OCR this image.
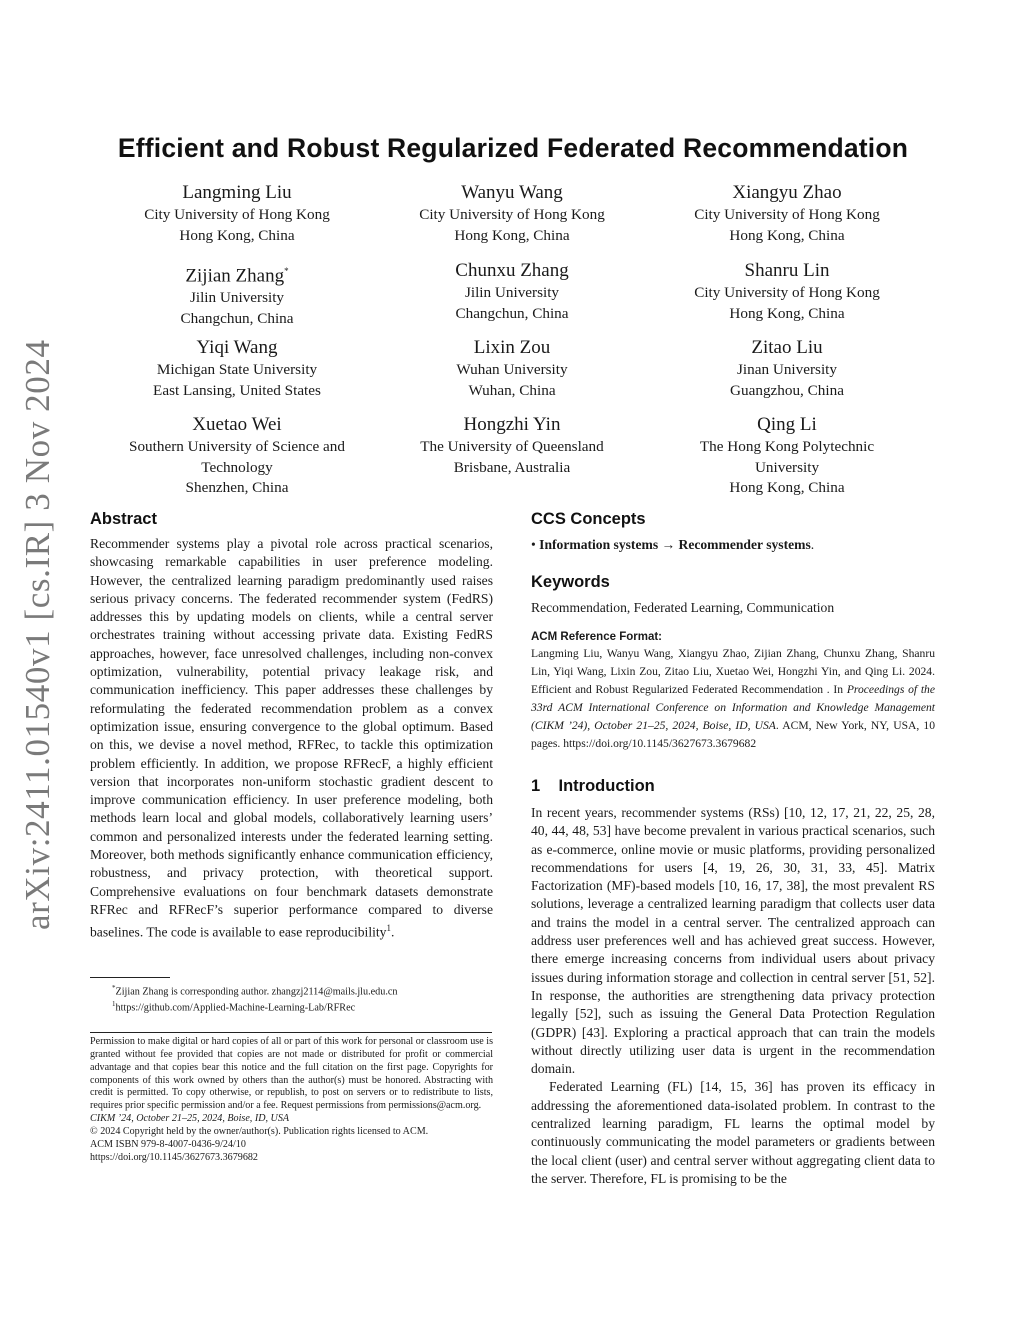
arXiv:2411.01540v1 [cs.IR] 3 Nov 2024
Efficient and Robust Regularized Federated Recommendation
Langming Liu
City University of Hong Kong
Hong Kong, China
Wanyu Wang
City University of Hong Kong
Hong Kong, China
Xiangyu Zhao
City University of Hong Kong
Hong Kong, China
Zijian Zhang*
Jilin University
Changchun, China
Chunxu Zhang
Jilin University
Changchun, China
Shanru Lin
City University of Hong Kong
Hong Kong, China
Yiqi Wang
Michigan State University
East Lansing, United States
Lixin Zou
Wuhan University
Wuhan, China
Zitao Liu
Jinan University
Guangzhou, China
Xuetao Wei
Southern University of Science and
Technology
Shenzhen, China
Hongzhi Yin
The University of Queensland
Brisbane, Australia
Qing Li
The Hong Kong Polytechnic
University
Hong Kong, China
Abstract

Recommender systems play a pivotal role across practical scenarios, showcasing remarkable capabilities in user preference modeling. However, the centralized learning paradigm predominantly used raises serious privacy concerns. The federated recommender system (FedRS) addresses this by updating models on clients, while a central server orchestrates training without accessing private data. Existing FedRS approaches, however, face unresolved challenges, including non-convex optimization, vulnerability, potential privacy leakage risk, and communication inefficiency. This paper addresses these challenges by reformulating the federated recommendation problem as a convex optimization issue, ensuring convergence to the global optimum. Based on this, we devise a novel method, RFRec, to tackle this optimization problem efficiently. In addition, we propose RFRecF, a highly efficient version that incorporates non-uniform stochastic gradient descent to improve communication efficiency. In user preference modeling, both methods learn local and global models, collaboratively learning users’ common and personalized interests under the federated learning setting. Moreover, both methods significantly enhance communication efficiency, robustness, and privacy protection, with theoretical support. Comprehensive evaluations on four benchmark datasets demonstrate RFRec and RFRecF’s superior performance compared to diverse baselines. The code is available to ease reproducibility$^1$.

*Zijian Zhang is corresponding author. zhangzj2114@mails.jlu.edu.cn
$^1$https://github.com/Applied-Machine-Learning-Lab/RFRec
Permission to make digital or hard copies of all or part of this work for personal or classroom use is granted without fee provided that copies are not made or distributed for profit or commercial advantage and that copies bear this notice and the full citation on the first page. Copyrights for components of this work owned by others than the author(s) must be honored. Abstracting with credit is permitted. To copy otherwise, or republish, to post on servers or to redistribute to lists, requires prior specific permission and/or a fee. Request permissions from permissions@acm.org.
CIKM ’24, October 21–25, 2024, Boise, ID, USA
© 2024 Copyright held by the owner/author(s). Publication rights licensed to ACM.
ACM ISBN 979-8-4007-0436-9/24/10
https://doi.org/10.1145/3627673.3679682
CCS Concepts
• Information systems → Recommender systems.
Keywords
Recommendation, Federated Learning, Communication
ACM Reference Format:
Langming Liu, Wanyu Wang, Xiangyu Zhao, Zijian Zhang, Chunxu Zhang, Shanru Lin, Yiqi Wang, Lixin Zou, Zitao Liu, Xuetao Wei, Hongzhi Yin, and Qing Li. 2024. Efficient and Robust Regularized Federated Recommendation . In Proceedings of the 33rd ACM International Conference on Information and Knowledge Management (CIKM ’24), October 21–25, 2024, Boise, ID, USA. ACM, New York, NY, USA, 10 pages. https://doi.org/10.1145/3627673.3679682
1    Introduction

In recent years, recommender systems (RSs) [10, 12, 17, 21, 22, 25, 28, 40, 44, 48, 53] have become prevalent in various practical scenarios, such as e-commerce, online movie or music platforms, providing personalized recommendations for users [4, 19, 26, 30, 31, 33, 45]. Matrix Factorization (MF)-based models [10, 16, 17, 38], the most prevalent RS solutions, leverage a centralized learning paradigm that collects user data and trains the model in a central server. The centralized approach can address user preferences well and has achieved great success. However, there emerge increasing concerns from individual users about privacy issues during information storage and collection in central server [51, 52]. In response, the authorities are strengthening data privacy protection legally [52], such as issuing the General Data Protection Regulation (GDPR) [43]. Exploring a practical approach that can train the models without directly utilizing user data is urgent in the recommendation domain.

Federated Learning (FL) [14, 15, 36] has proven its efficacy in addressing the aforementioned data-isolated problem. In contrast to the centralized learning paradigm, FL learns the optimal model by continuously communicating the model parameters or gradients between the local client (user) and central server without aggregating client data to the server. Therefore, FL is promising to be the
